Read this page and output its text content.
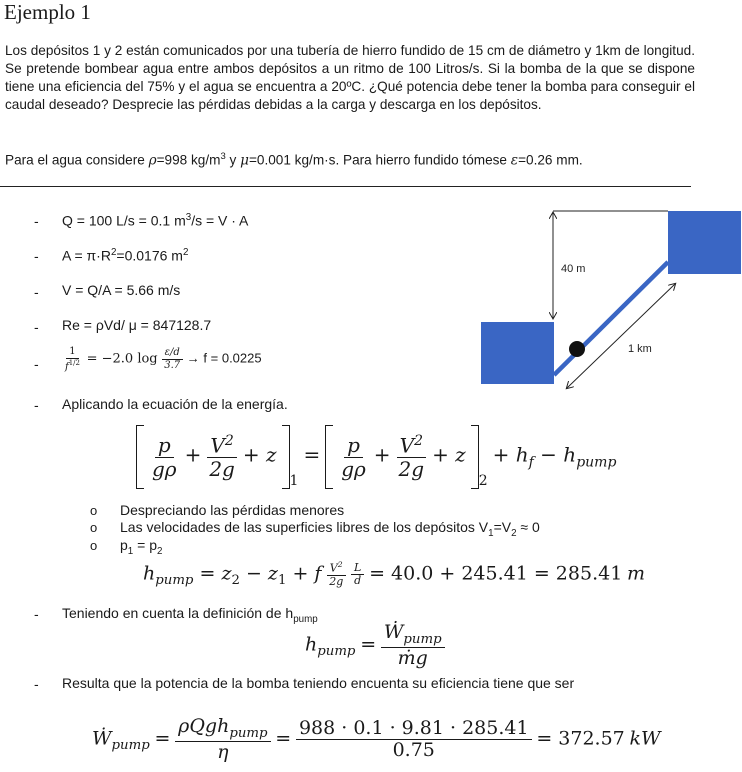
Ejemplo 1
Los depósitos 1 y 2 están comunicados por una tubería de hierro fundido de 15 cm de diámetro y 1km de longitud. Se pretende bombear agua entre ambos depósitos a un ritmo de 100 Litros/s. Si la bomba de la que se dispone tiene una eficiencia del 75% y el agua se encuentra a 20ºC. ¿Qué potencia debe tener la bomba para conseguir el caudal deseado? Desprecie las pérdidas debidas a la carga y descarga en los depósitos.
Para el agua considere ρ=998 $kg/m^3$ y μ=0.001 kg/m·s. Para hierro fundido tómese ε=0.26 mm.
- Q = 100 L/s = 0.1 $m^3/s = V \cdot A$
- $A = \pi\cdot R^2=0.0176$ $m^2$
- V = Q/A = 5.66 m/s
- Re = ρVd/ μ = 847128.7
- $\frac{1}{f^{1/2}} = -2.0$ $\log \frac{\varepsilon/d}{3.7} \to f = 0.0225$
- Aplicando la ecuación de la energía.

$\frac{p}{g\rho} + \frac{V^2}{2g} + z$ $_1 = \frac{p}{g\rho} + \frac{V^2}{2g} + z$ $_2 + h_f - h_{pump}$
o Despreciando las pérdidas menores
o Las velocidades de las superficies libres de los depósitos $V_1=V_2 \approx 0$
o $p_1 = p_2$
$h_{pump} = z_2 - z_1 + f \frac{V^2}{2g}$
$\frac{L}{d} = 40.0 + 245.41 = 285.41$ m
- Teniendo en cuenta la definición de $h_{pump}$
$h_{pump} = \frac{Ẇ_{pump}}{\text{ṁg}}$
- Resulta que la potencia de la bomba teniendo encuenta su eficiencia tiene que ser
Ẇ$_{pump}$ = $\frac{\rho Qgh_{pump}}{\eta} = \frac{988 \cdot 0.1 \cdot 9.81 \cdot 285.41}{0.75} = 372.57$ kW
40 m
1 km
